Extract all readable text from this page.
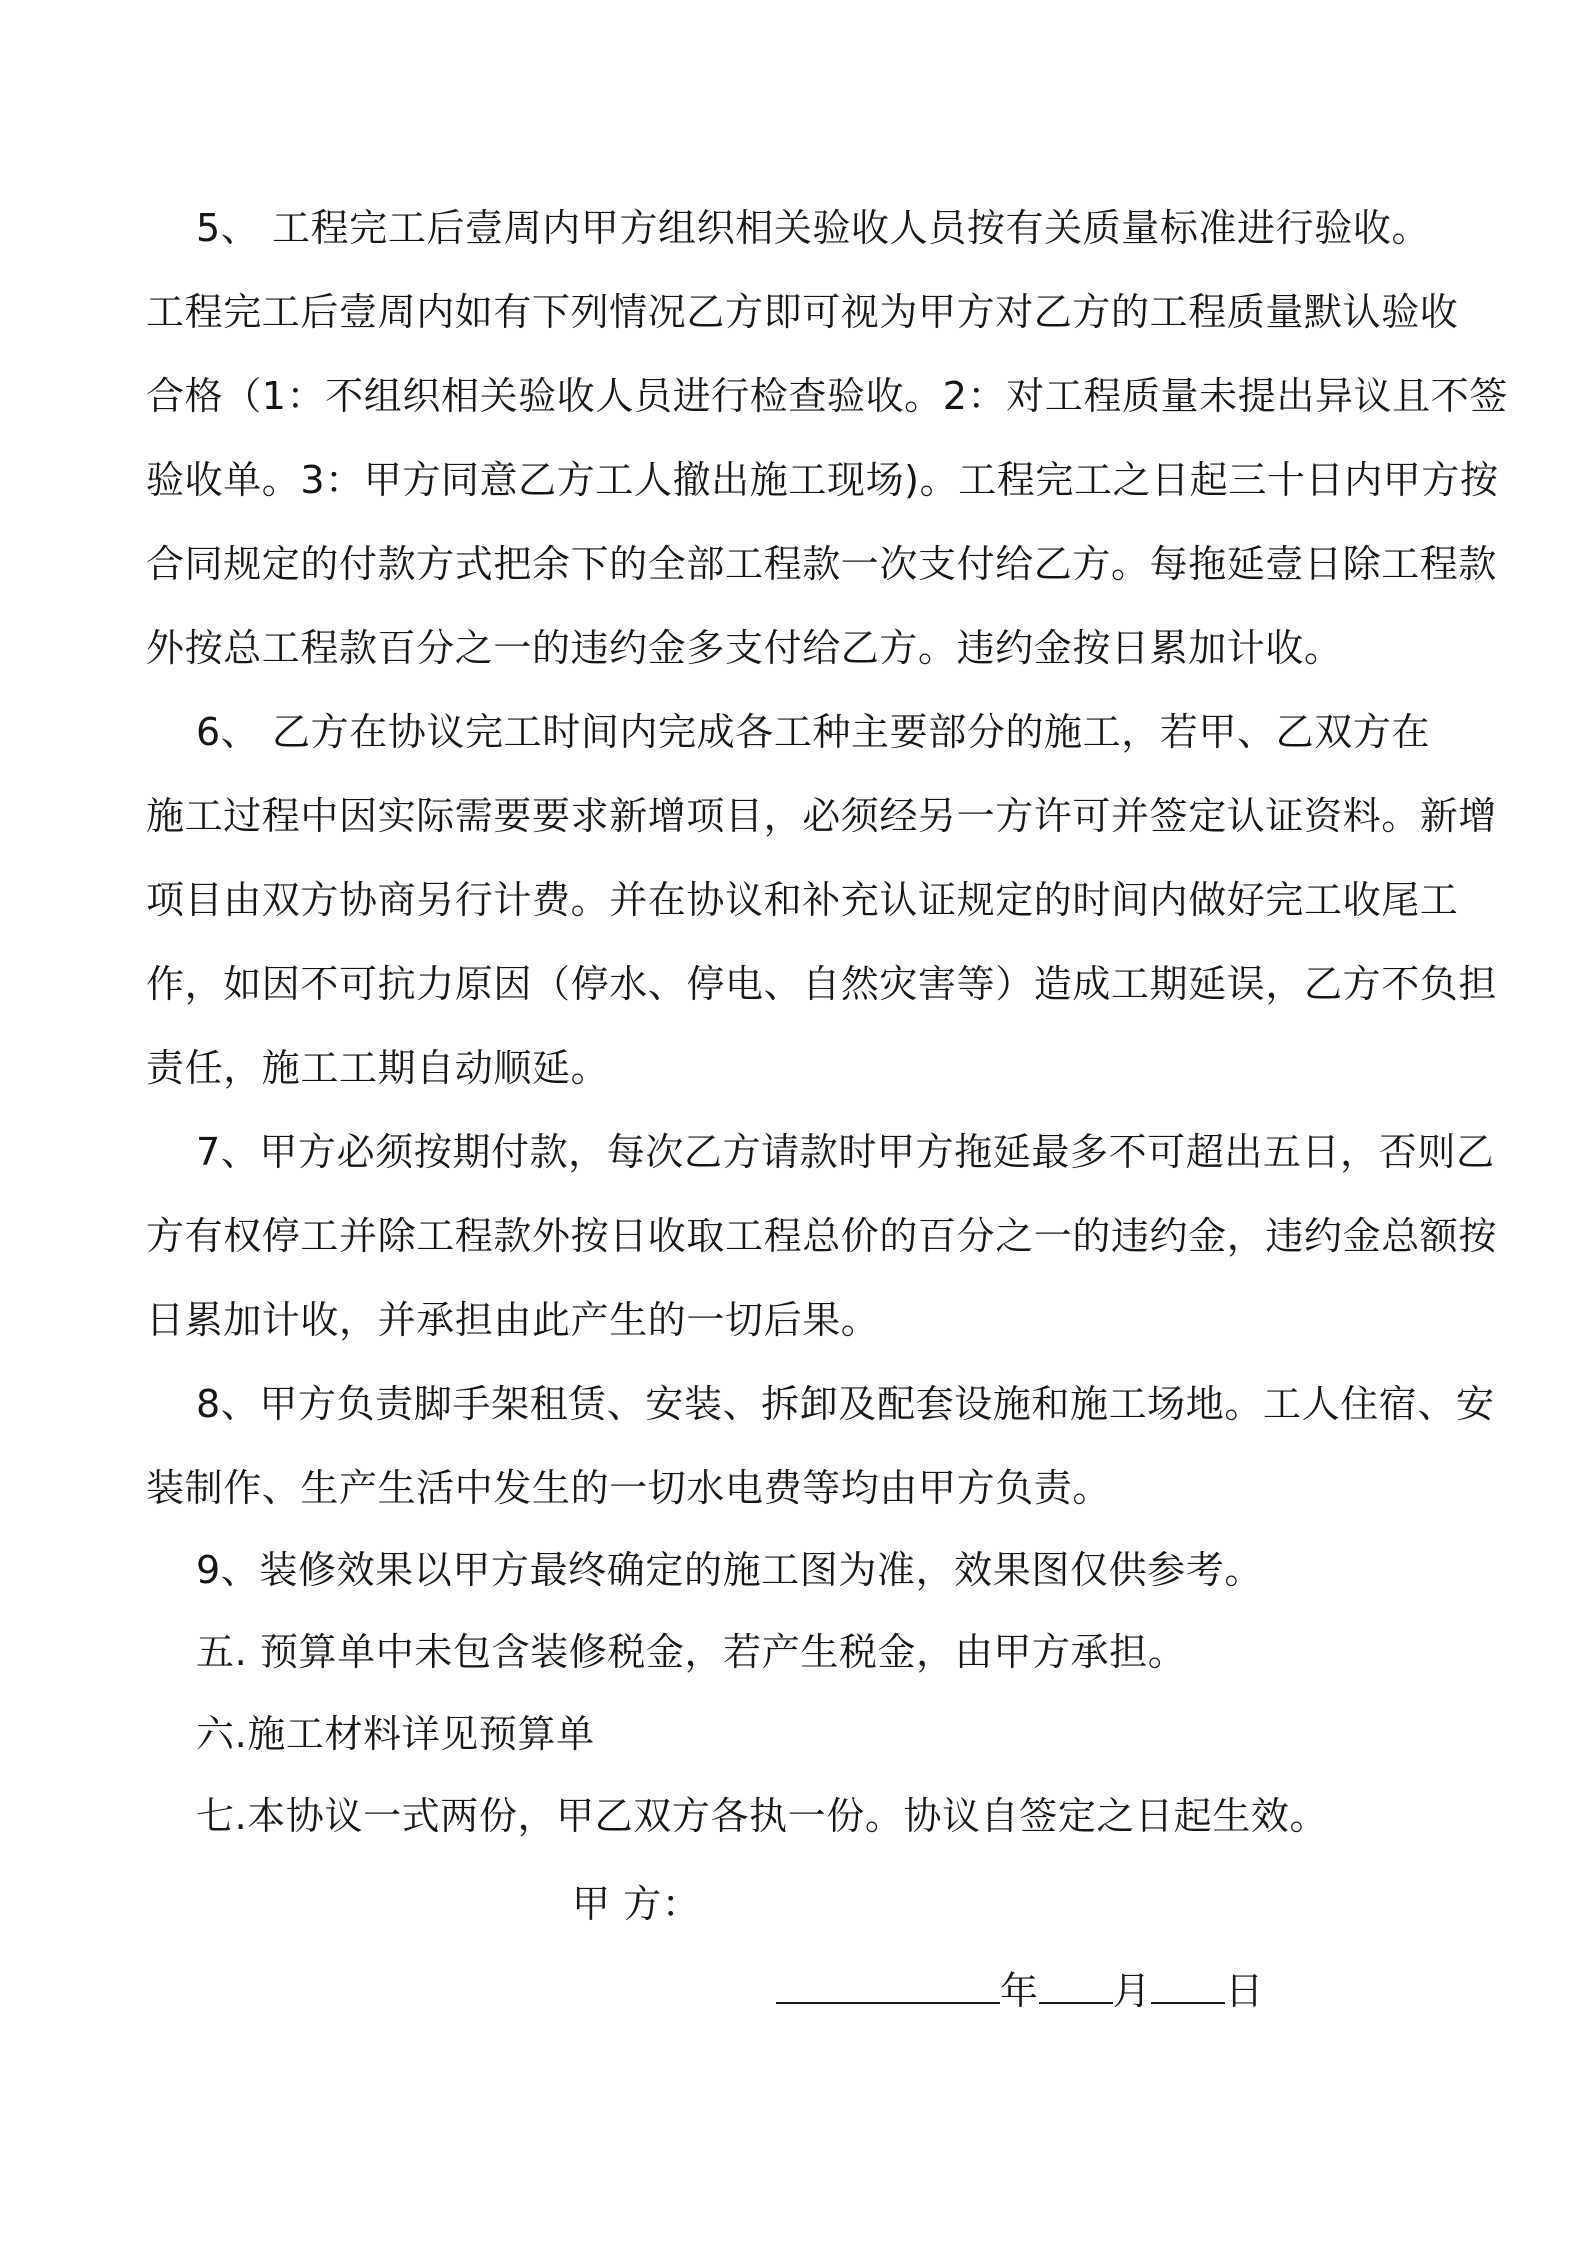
5、 工程完工后壹周内甲方组织相关验收人员按有关质量标准进行验收。
工程完工后壹周内如有下列情况乙方即可视为甲方对乙方的工程质量默认验收
合格（1：不组织相关验收人员进行检查验收。2：对工程质量未提出异议且不签
验收单。3：甲方同意乙方工人撤出施工现场)。工程完工之日起三十日内甲方按
合同规定的付款方式把余下的全部工程款一次支付给乙方。每拖延壹日除工程款
外按总工程款百分之一的违约金多支付给乙方。违约金按日累加计收。
6、 乙方在协议完工时间内完成各工种主要部分的施工，若甲、乙双方在
施工过程中因实际需要要求新增项目，必须经另一方许可并签定认证资料。新增
项目由双方协商另行计费。并在协议和补充认证规定的时间内做好完工收尾工
作，如因不可抗力原因（停水、停电、自然灾害等）造成工期延误，乙方不负担
责任，施工工期自动顺延。
7、甲方必须按期付款，每次乙方请款时甲方拖延最多不可超出五日，否则乙
方有权停工并除工程款外按日收取工程总价的百分之一的违约金，违约金总额按
日累加计收，并承担由此产生的一切后果。
8、甲方负责脚手架租赁、安装、拆卸及配套设施和施工场地。工人住宿、安
装制作、生产生活中发生的一切水电费等均由甲方负责。
9、装修效果以甲方最终确定的施工图为准，效果图仅供参考。
五. 预算单中未包含装修税金，若产生税金，由甲方承担。
六.施工材料详见预算单
七.本协议一式两份，甲乙双方各执一份。协议自签定之日起生效。
甲 方：
年 月 日
